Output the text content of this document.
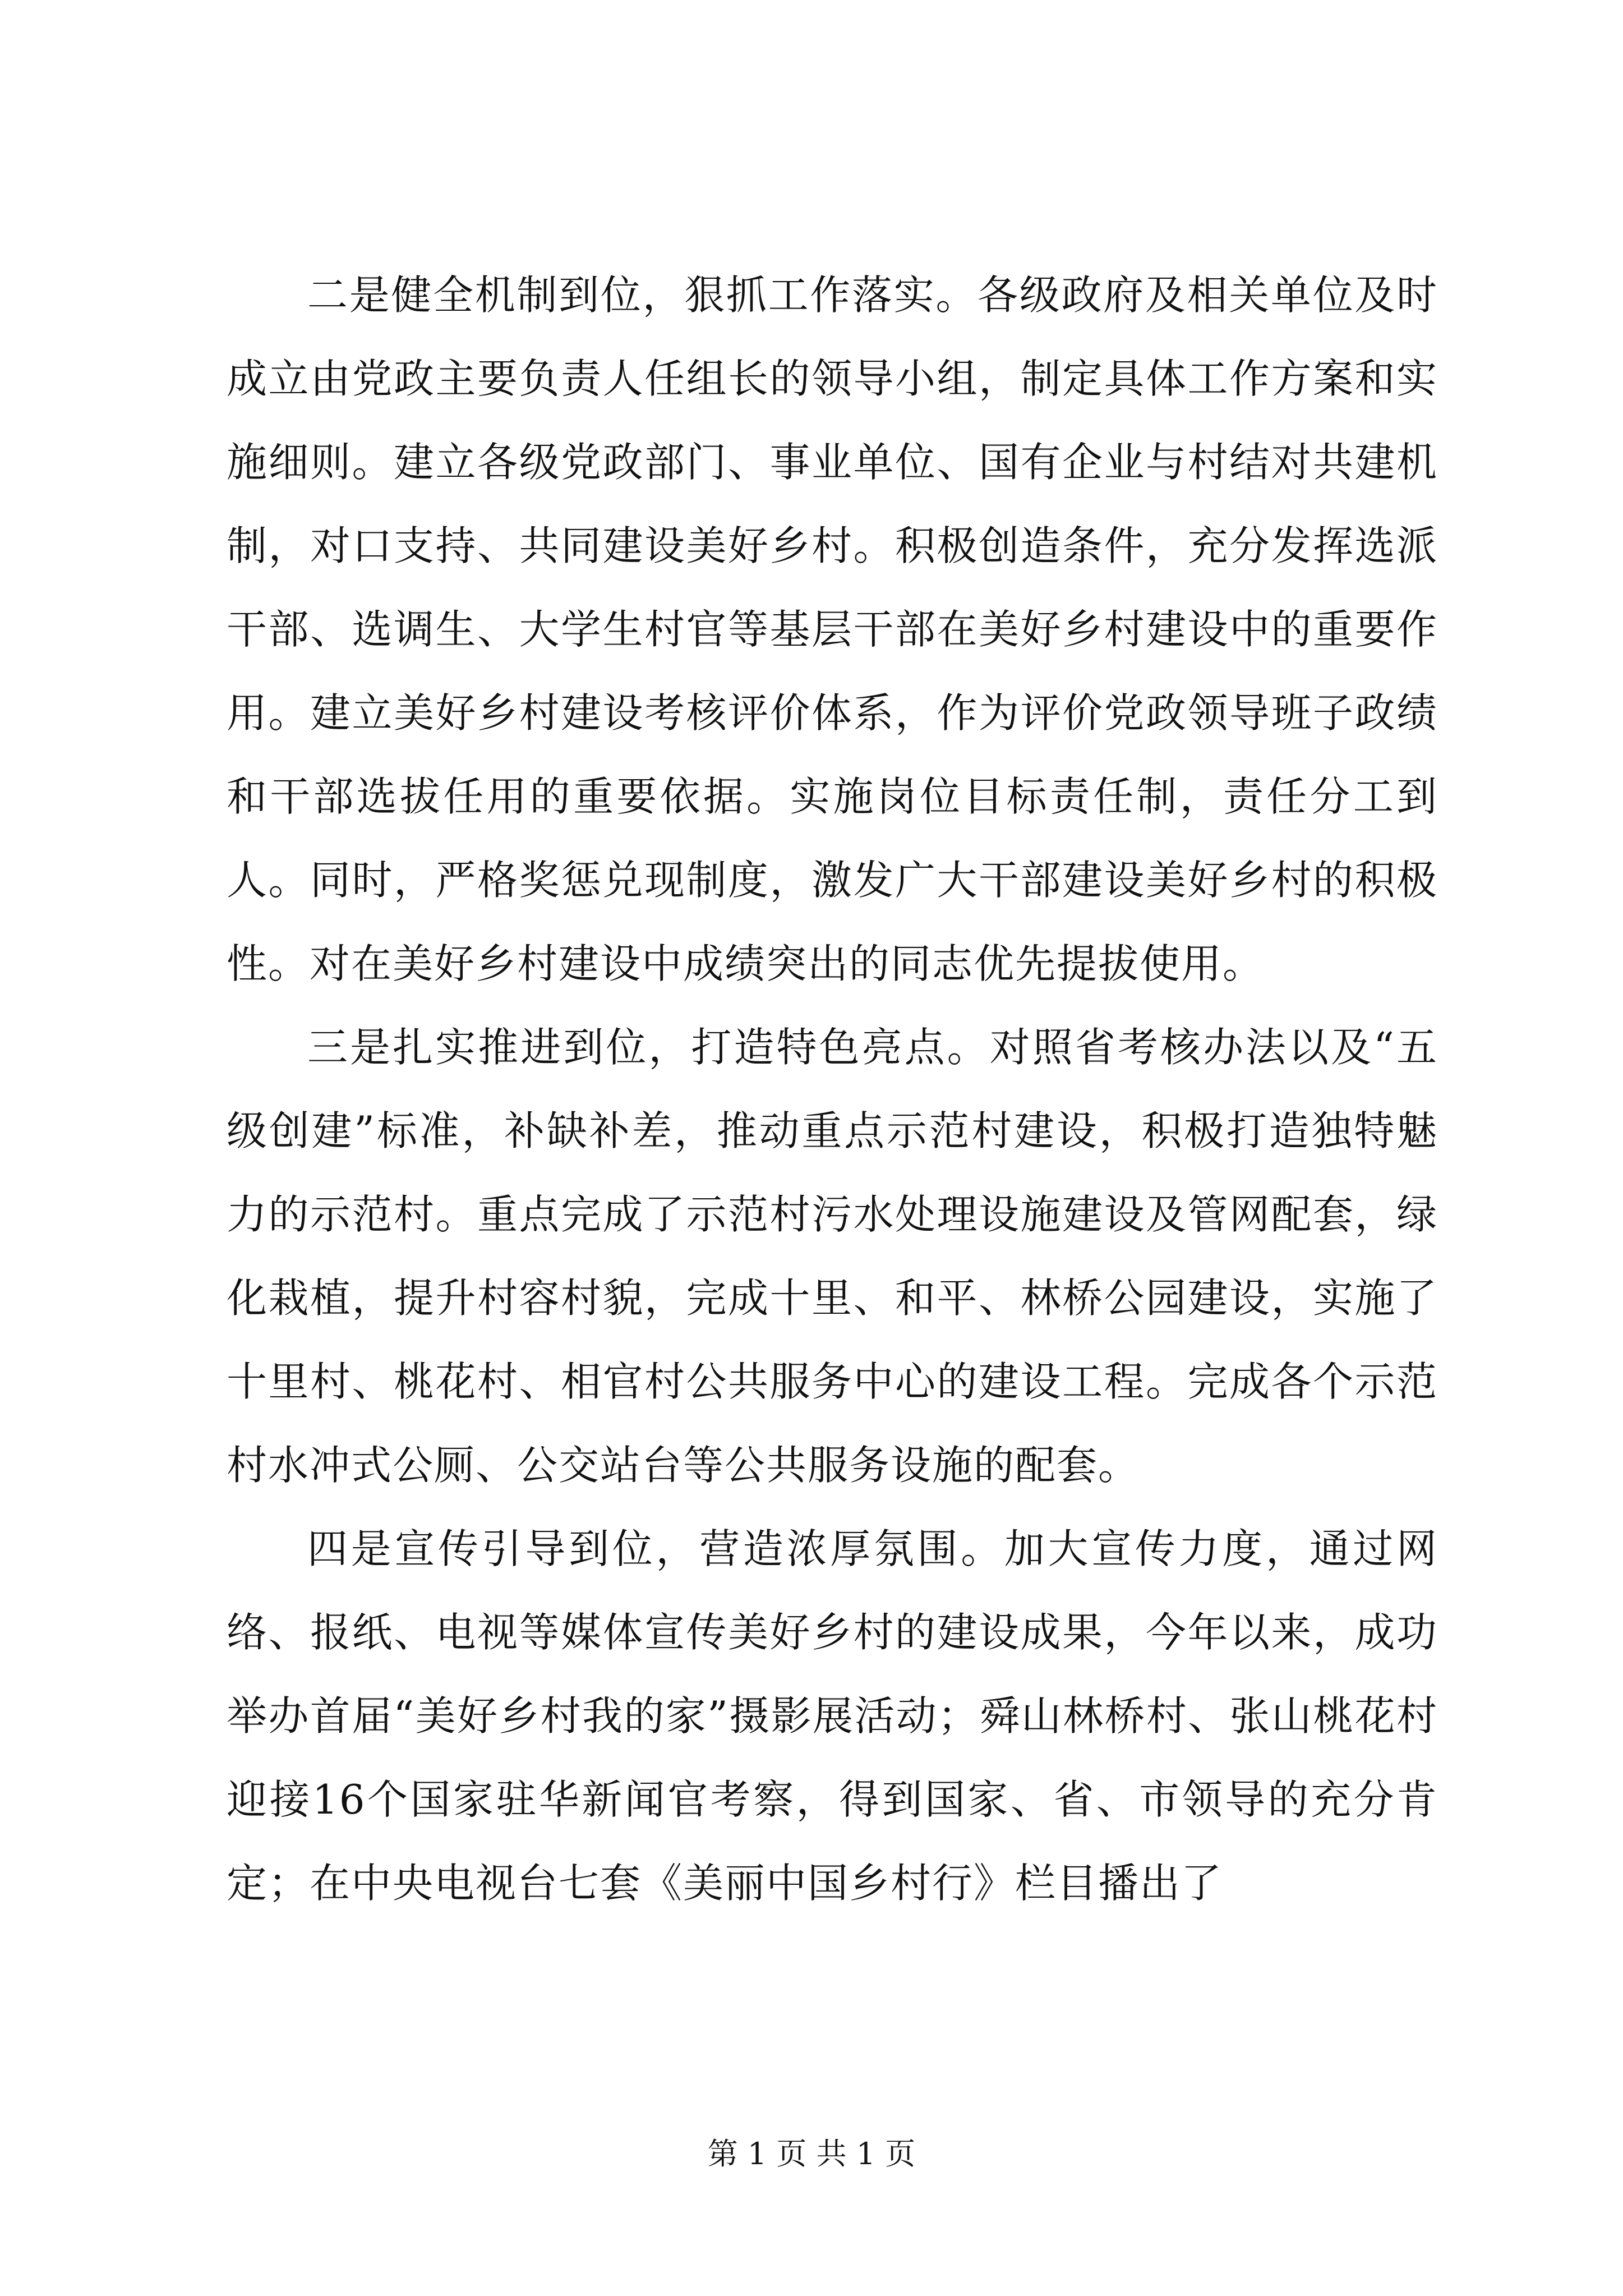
二是健全机制到位，狠抓工作落实。各级政府及相关单位及时成立由党政主要负责人任组长的领导小组，制定具体工作方案和实施细则。建立各级党政部门、事业单位、国有企业与村结对共建机制，对口支持、共同建设美好乡村。积极创造条件，充分发挥选派干部、选调生、大学生村官等基层干部在美好乡村建设中的重要作用。建立美好乡村建设考核评价体系，作为评价党政领导班子政绩和干部选拔任用的重要依据。实施岗位目标责任制，责任分工到人。同时，严格奖惩兑现制度，激发广大干部建设美好乡村的积极性。对在美好乡村建设中成绩突出的同志优先提拔使用。

三是扎实推进到位，打造特色亮点。对照省考核办法以及“五级创建”标准，补缺补差，推动重点示范村建设，积极打造独特魅力的示范村。重点完成了示范村污水处理设施建设及管网配套，绿化栽植，提升村容村貌，完成十里、和平、林桥公园建设，实施了十里村、桃花村、相官村公共服务中心的建设工程。完成各个示范村水冲式公厕、公交站台等公共服务设施的配套。

四是宣传引导到位，营造浓厚氛围。加大宣传力度，通过网络、报纸、电视等媒体宣传美好乡村的建设成果，今年以来，成功举办首届“美好乡村我的家”摄影展活动；舜山林桥村、张山桃花村迎接16个国家驻华新闻官考察，得到国家、省、市领导的充分肯定；在中央电视台七套《美丽中国乡村行》栏目播出了

第 1 页 共 1 页
